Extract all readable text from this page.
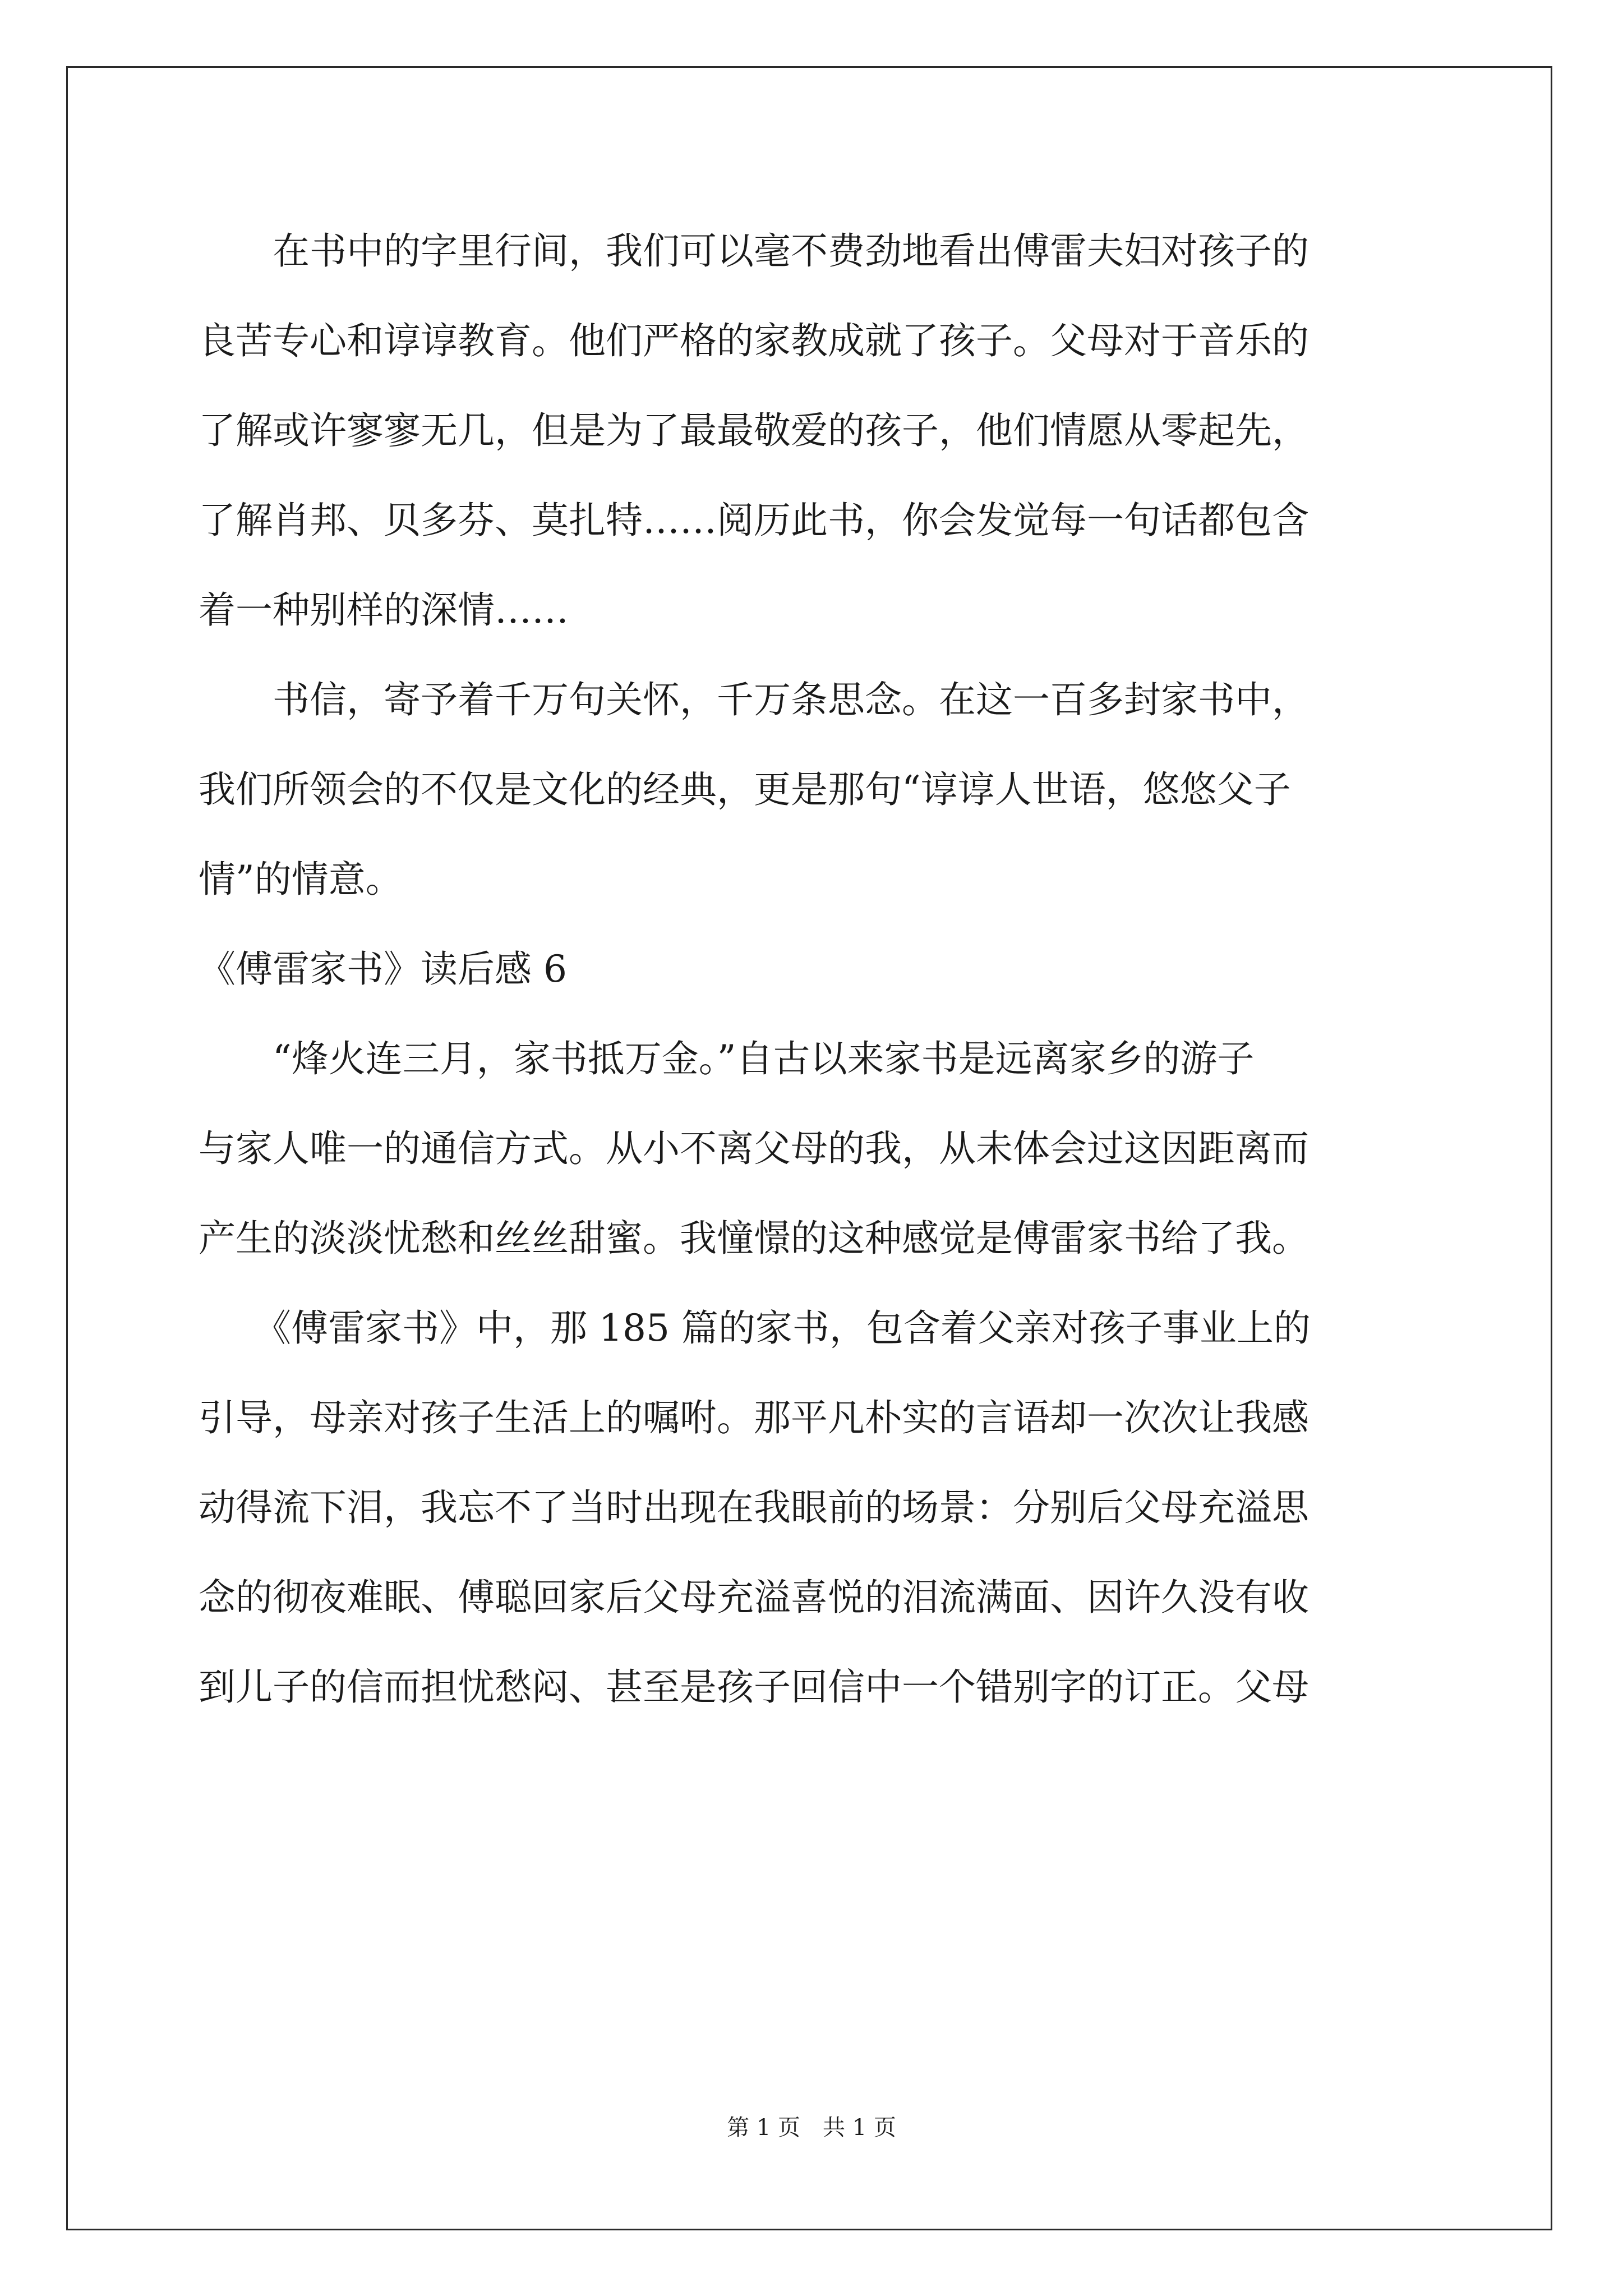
　　在书中的字里行间，我们可以毫不费劲地看出傅雷夫妇对孩子的
良苦专心和谆谆教育。他们严格的家教成就了孩子。父母对于音乐的
了解或许寥寥无几，但是为了最最敬爱的孩子，他们情愿从零起先，
了解肖邦、贝多芬、莫扎特……阅历此书，你会发觉每一句话都包含
着一种别样的深情……
　　书信，寄予着千万句关怀，千万条思念。在这一百多封家书中，
我们所领会的不仅是文化的经典，更是那句“谆谆人世语，悠悠父子
情”的情意。
《傅雷家书》读后感 6
　　“烽火连三月，家书抵万金。”自古以来家书是远离家乡的游子
与家人唯一的通信方式。从小不离父母的我，从未体会过这因距离而
产生的淡淡忧愁和丝丝甜蜜。我憧憬的这种感觉是傅雷家书给了我。
　　《傅雷家书》中，那 185 篇的家书，包含着父亲对孩子事业上的
引导，母亲对孩子生活上的嘱咐。那平凡朴实的言语却一次次让我感
动得流下泪，我忘不了当时出现在我眼前的场景：分别后父母充溢思
念的彻夜难眠、傅聪回家后父母充溢喜悦的泪流满面、因许久没有收
到儿子的信而担忧愁闷、甚至是孩子回信中一个错别字的订正。父母
第 1 页　共 1 页
